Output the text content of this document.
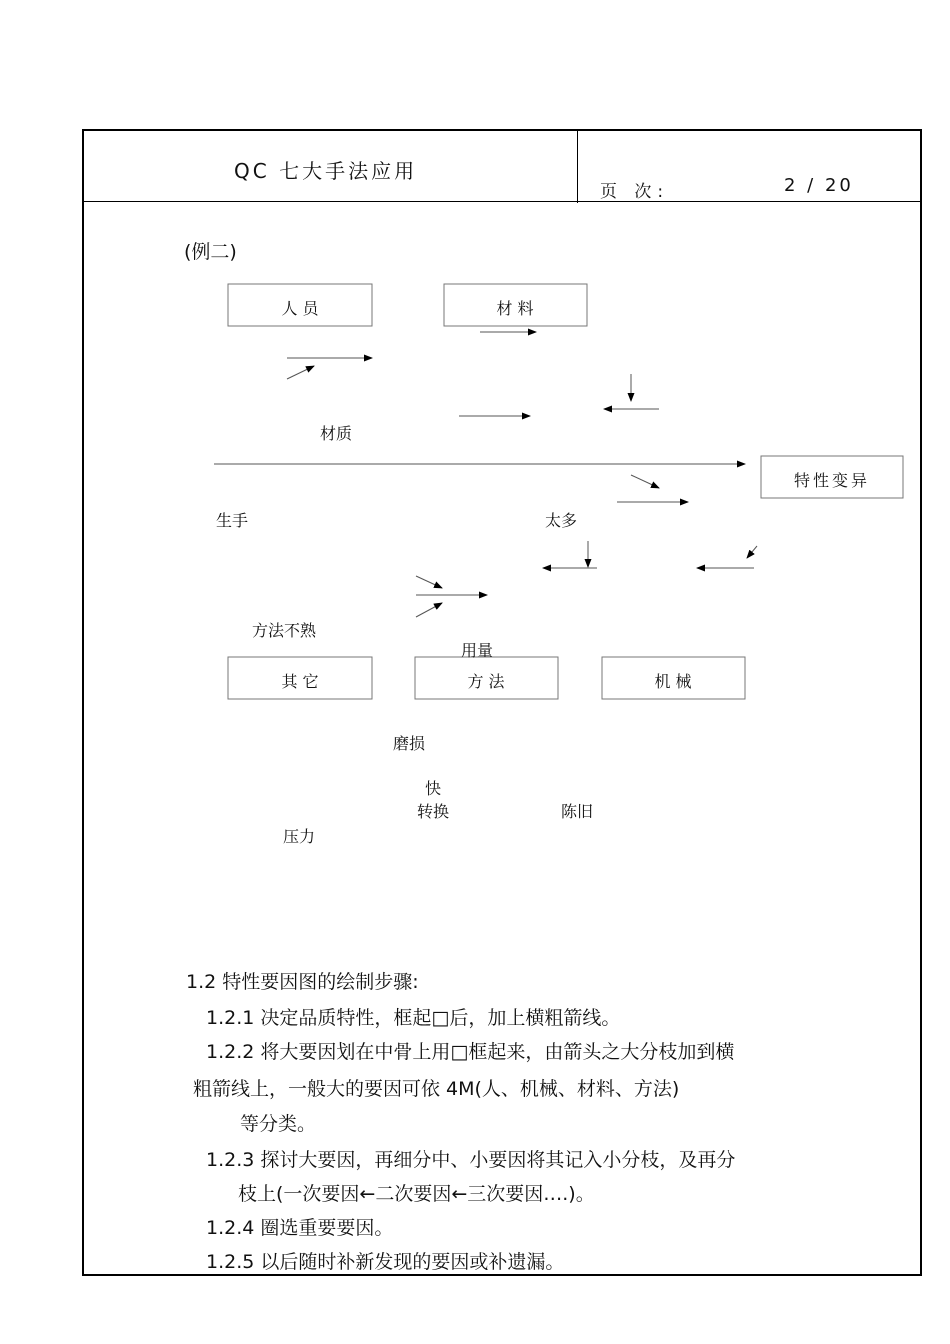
QC 七大手法应用
页 次:	2 / 20
(例二)
人 员	材 料
特性变异
其 它	方 法	机 械
材质
生手	太多
方法不熟
用量
磨损
快
转换	陈旧
压力
1.2 特性要因图的绘制步骤:
1.2.1 决定品质特性，框起□后，加上横粗箭线。
1.2.2 将大要因划在中骨上用□框起来，由箭头之大分枝加到横
粗箭线上，一般大的要因可依 4M(人、机械、材料、方法)
等分类。
1.2.3 探讨大要因，再细分中、小要因将其记入小分枝，及再分
枝上(一次要因←二次要因←三次要因….)。
1.2.4 圈选重要要因。
1.2.5 以后随时补新发现的要因或补遗漏。
